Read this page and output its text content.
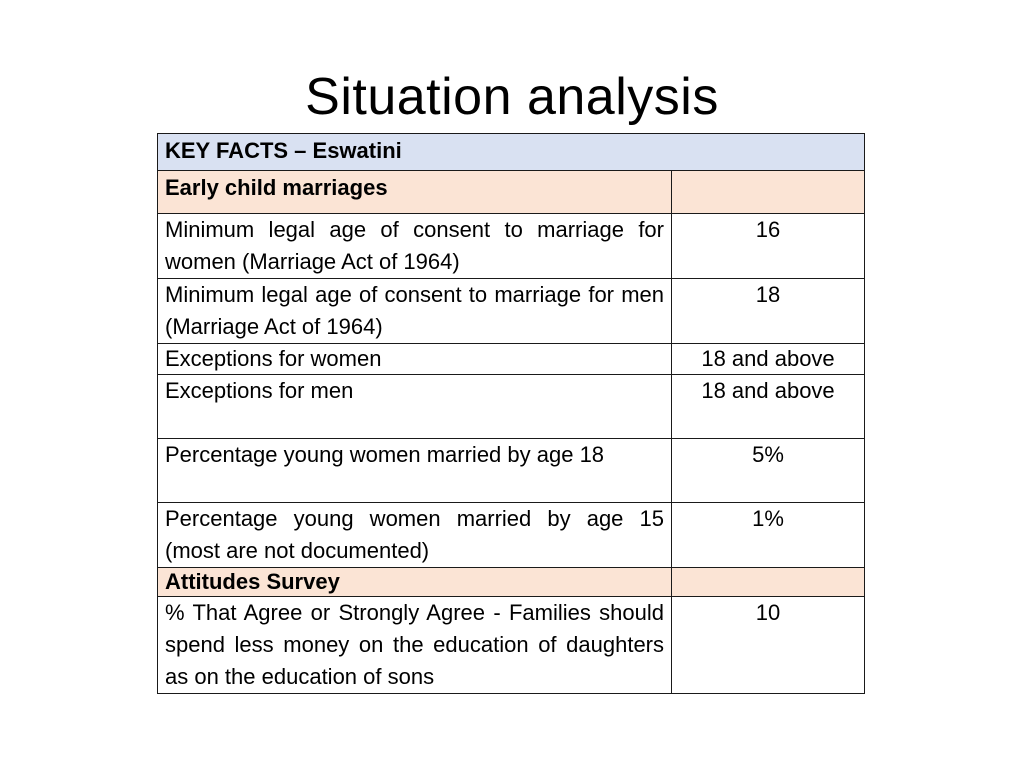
Situation analysis
KEY FACTS – Eswatini	
Early child marriages	
Minimum legal age of consent to marriage for women (Marriage Act of 1964)	16
Minimum legal age of consent to marriage for men (Marriage Act of 1964)	18
Exceptions for women	18 and above
Exceptions for men	18 and above
Percentage young women married by age 18	5%
Percentage young women married by age 15 (most are not documented)	1%
Attitudes Survey	
% That Agree or Strongly Agree - Families should spend less money on the education of daughters as on the education of sons	10
